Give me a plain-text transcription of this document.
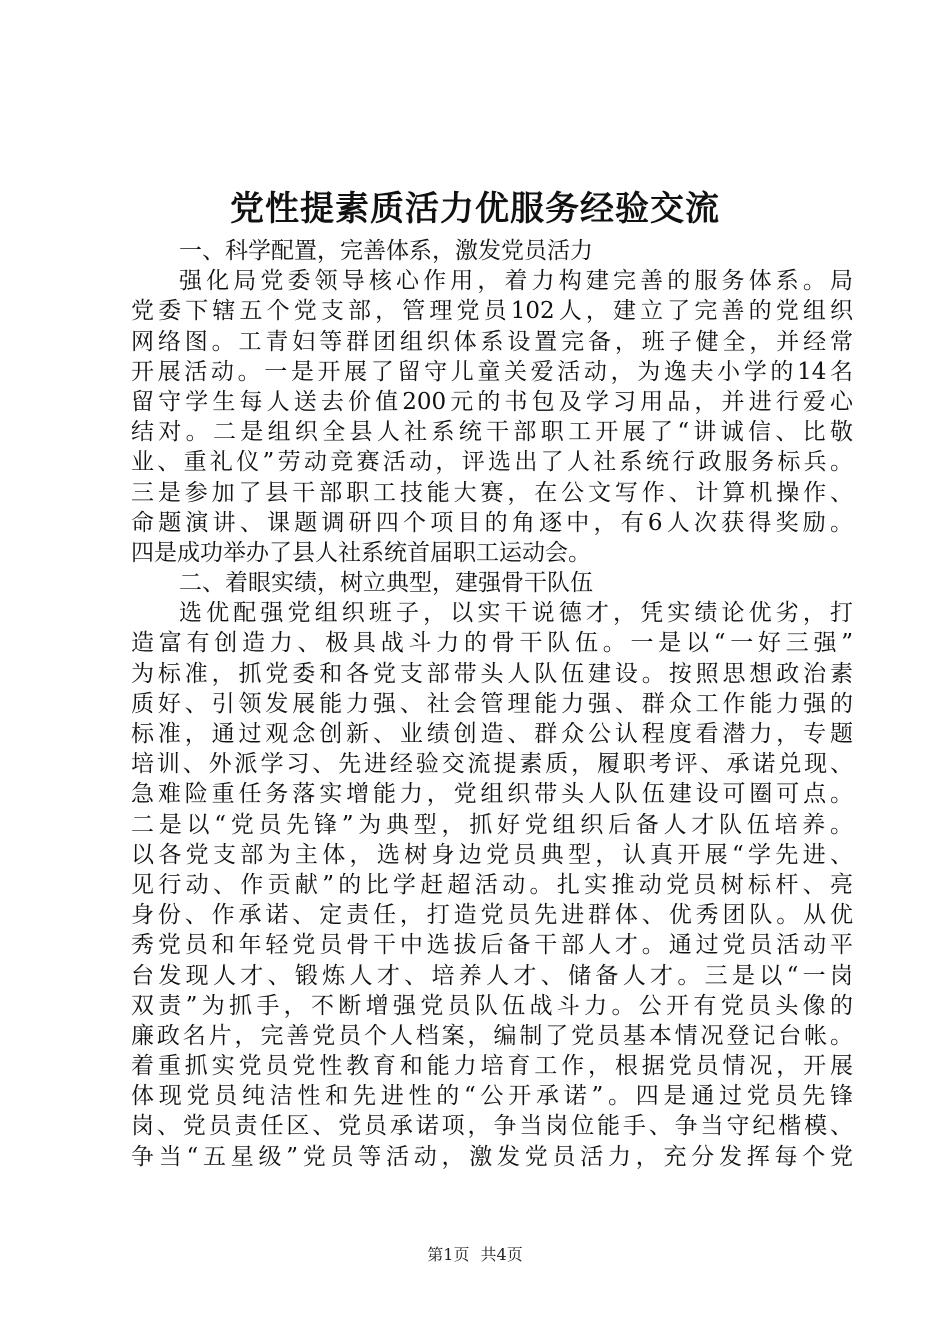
党性提素质活力优服务经验交流
一、科学配置，完善体系，激发党员活力
强化局党委领导核心作用，着力构建完善的服务体系。局
党委下辖五个党支部，管理党员102人，建立了完善的党组织
网络图。工青妇等群团组织体系设置完备，班子健全，并经常
开展活动。一是开展了留守儿童关爱活动，为逸夫小学的14名
留守学生每人送去价值200元的书包及学习用品，并进行爱心
结对。二是组织全县人社系统干部职工开展了“讲诚信、比敬
业、重礼仪”劳动竞赛活动，评选出了人社系统行政服务标兵。
三是参加了县干部职工技能大赛，在公文写作、计算机操作、
命题演讲、课题调研四个项目的角逐中，有6人次获得奖励。
四是成功举办了县人社系统首届职工运动会。
二、着眼实绩，树立典型，建强骨干队伍
选优配强党组织班子，以实干说德才，凭实绩论优劣，打
造富有创造力、极具战斗力的骨干队伍。一是以“一好三强”
为标准，抓党委和各党支部带头人队伍建设。按照思想政治素
质好、引领发展能力强、社会管理能力强、群众工作能力强的
标准，通过观念创新、业绩创造、群众公认程度看潜力，专题
培训、外派学习、先进经验交流提素质，履职考评、承诺兑现、
急难险重任务落实增能力，党组织带头人队伍建设可圈可点。
二是以“党员先锋”为典型，抓好党组织后备人才队伍培养。
以各党支部为主体，选树身边党员典型，认真开展“学先进、
见行动、作贡献”的比学赶超活动。扎实推动党员树标杆、亮
身份、作承诺、定责任，打造党员先进群体、优秀团队。从优
秀党员和年轻党员骨干中选拔后备干部人才。通过党员活动平
台发现人才、锻炼人才、培养人才、储备人才。三是以“一岗
双责”为抓手，不断增强党员队伍战斗力。公开有党员头像的
廉政名片，完善党员个人档案，编制了党员基本情况登记台帐。
着重抓实党员党性教育和能力培育工作，根据党员情况，开展
体现党员纯洁性和先进性的“公开承诺”。四是通过党员先锋
岗、党员责任区、党员承诺项，争当岗位能手、争当守纪楷模、
争当“五星级”党员等活动，激发党员活力，充分发挥每个党
第1页 共4页
